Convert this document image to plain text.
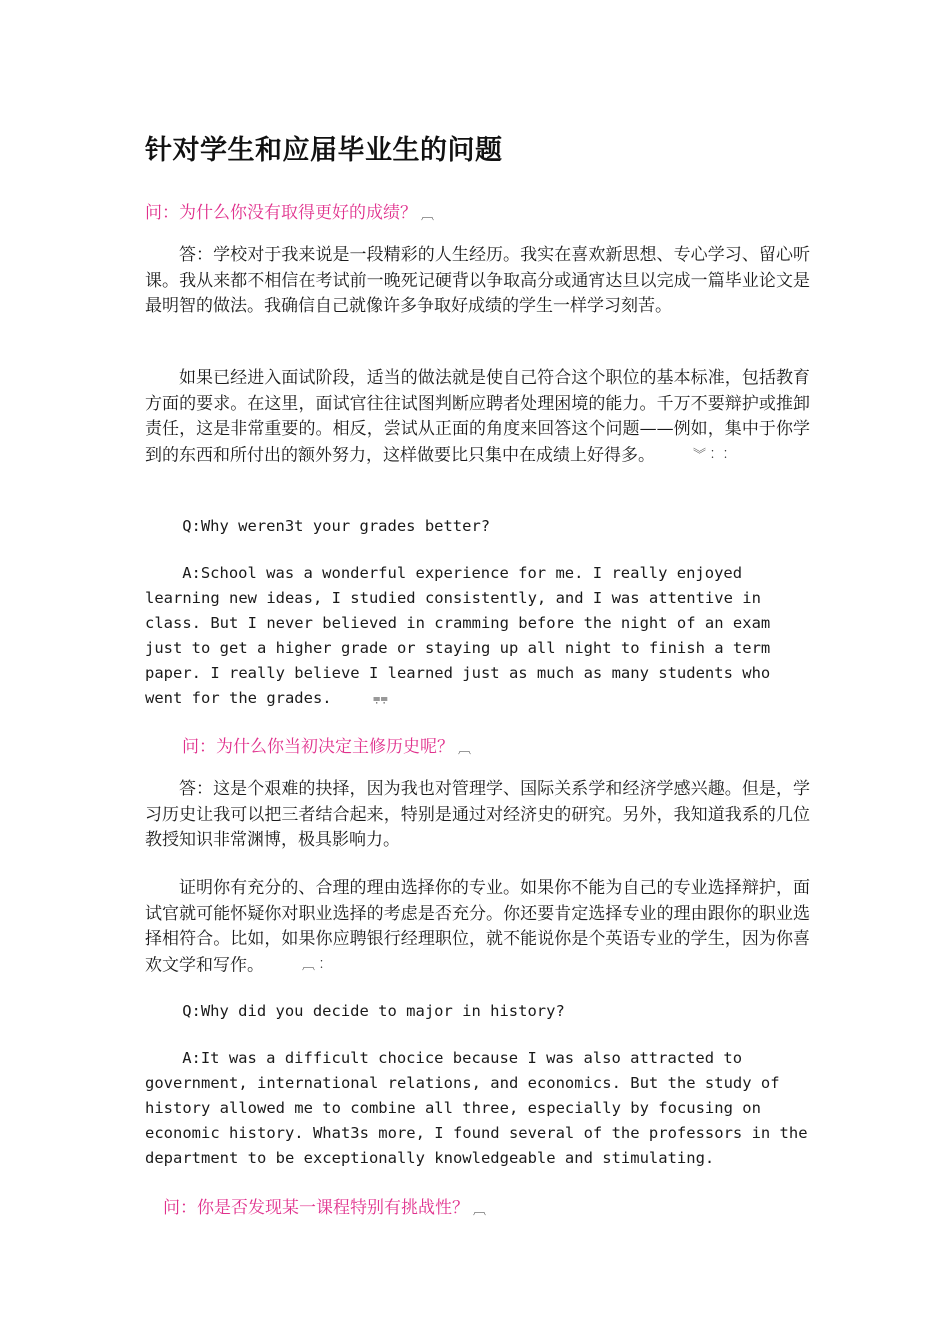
针对学生和应届毕业生的问题

问：为什么你没有取得更好的成绩？ ︹

答：学校对于我来说是一段精彩的人生经历。我实在喜欢新思想、专心学习、留心听课。我从来都不相信在考试前一晚死记硬背以争取高分或通宵达旦以完成一篇毕业论文是最明智的做法。我确信自己就像许多争取好成绩的学生一样学习刻苦。

如果已经进入面试阶段，适当的做法就是使自己符合这个职位的基本标准，包括教育方面的要求。在这里，面试官往往试图判断应聘者处理困境的能力。千万不要辩护或推卸责任，这是非常重要的。相反，尝试从正面的角度来回答这个问题——例如，集中于你学到的东西和所付出的额外努力，这样做要比只集中在成绩上好得多。	︾︰︰

Q:Why weren3t your grades better?

A:School was a wonderful experience for me. I really enjoyed learning new ideas, I studied consistently, and I was attentive in class. But I never believed in cramming before the night of an exam just to get a higher grade or staying up all night to finish a term paper. I really believe I learned just as much as many students who went for the grades.	⩦⩦

问：为什么你当初决定主修历史呢？ ︹

答：这是个艰难的抉择，因为我也对管理学、国际关系学和经济学感兴趣。但是，学习历史让我可以把三者结合起来，特别是通过对经济史的研究。另外，我知道我系的几位教授知识非常渊博，极具影响力。

证明你有充分的、合理的理由选择你的专业。如果你不能为自己的专业选择辩护，面试官就可能怀疑你对职业选择的考虑是否充分。你还要肯定选择专业的理由跟你的职业选择相符合。比如，如果你应聘银行经理职位，就不能说你是个英语专业的学生，因为你喜欢文学和写作。	︹︰

Q:Why did you decide to major in history?

A:It was a difficult chocice because I was also attracted to government, international relations, and economics. But the study of history allowed me to combine all three, especially by focusing on economic history. What3s more, I found several of the professors in the department to be exceptionally knowledgeable and stimulating.

问：你是否发现某一课程特别有挑战性？ ︹
